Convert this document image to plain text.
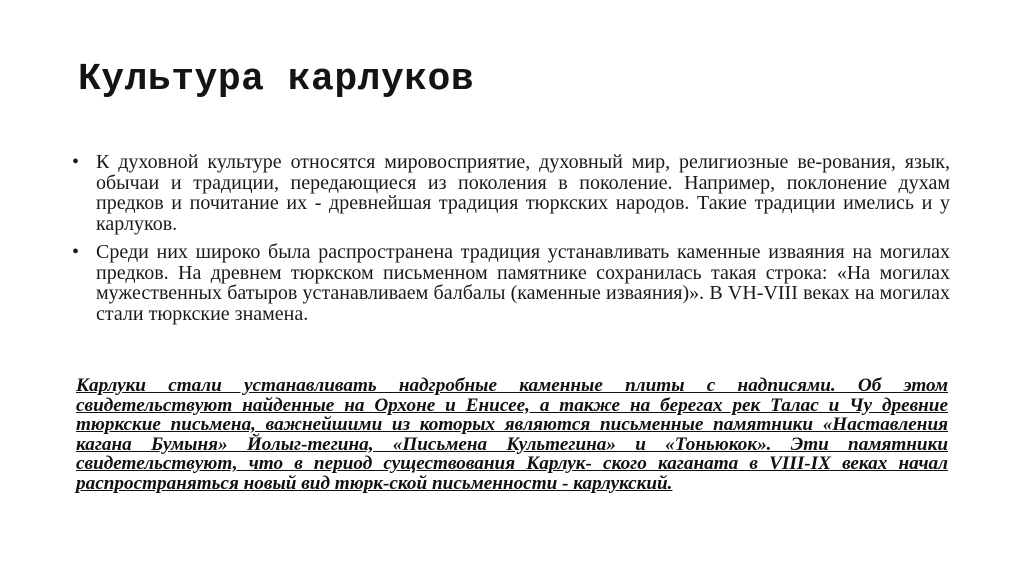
Культура карлуков
• К духовной культуре относятся мировосприятие, духовный мир, религиозные ве-рования, язык, обычаи и традиции, передающиеся из поколения в поколение. Например, поклонение духам предков и почитание их - древнейшая традиция тюркских народов. Такие традиции имелись и у карлуков.
• Среди них широко была распространена традиция устанавливать каменные изваяния на могилах предков. На древнем тюркском письменном памятнике сохранилась такая строка: «На могилах мужественных батыров устанавливаем балбалы (каменные изваяния)». В VН-VIII веках на могилах стали тюркские знамена.

Карлуки стали устанавливать надгробные каменные плиты с надписями. Об этом свидетельствуют найденные на Орхоне и Енисее, а также на берегах рек Талас и Чу древние тюркские письмена, важнейшими из которых являются письменные памятники «Наставления кагана Бумыня» Йолыг-тегина, «Письмена Культегина» и «Тоньюкок». Эти памятники свидетельствуют, что в период существования Карлук- ского каганата в VIII-IX веках начал распространяться новый вид тюрк-ской письменности - карлукский.
